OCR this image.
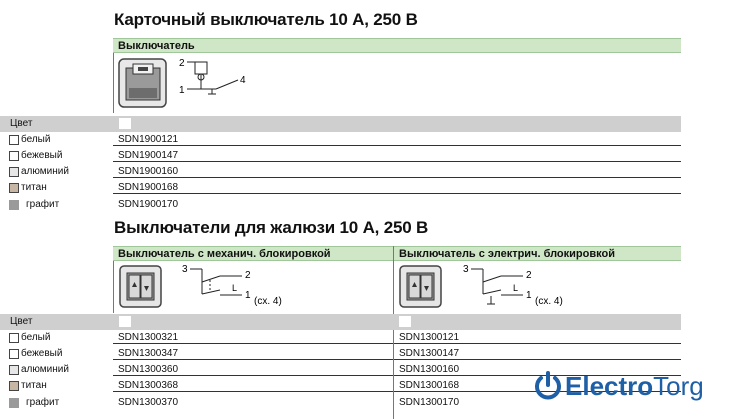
Карточный выключатель 10 А, 250 В
Выключатель
2
1
4
Цвет
белый
бежевый
алюминий
титан
графит
SDN1900121
SDN1900147
SDN1900160
SDN1900168
SDN1900170
Выключатели для жалюзи 10 А, 250 В
Выключатель с механич. блокировкой	Выключатель с электрич. блокировкой
3
2
1
(сх. 4)
L
3
2
1
(сх. 4)
L
Цвет
белый
бежевый
алюминий
титан
графит
SDN1300321
SDN1300347
SDN1300360
SDN1300368
SDN1300370
SDN1300121
SDN1300147
SDN1300160
SDN1300168
SDN1300170
Electro Torg
